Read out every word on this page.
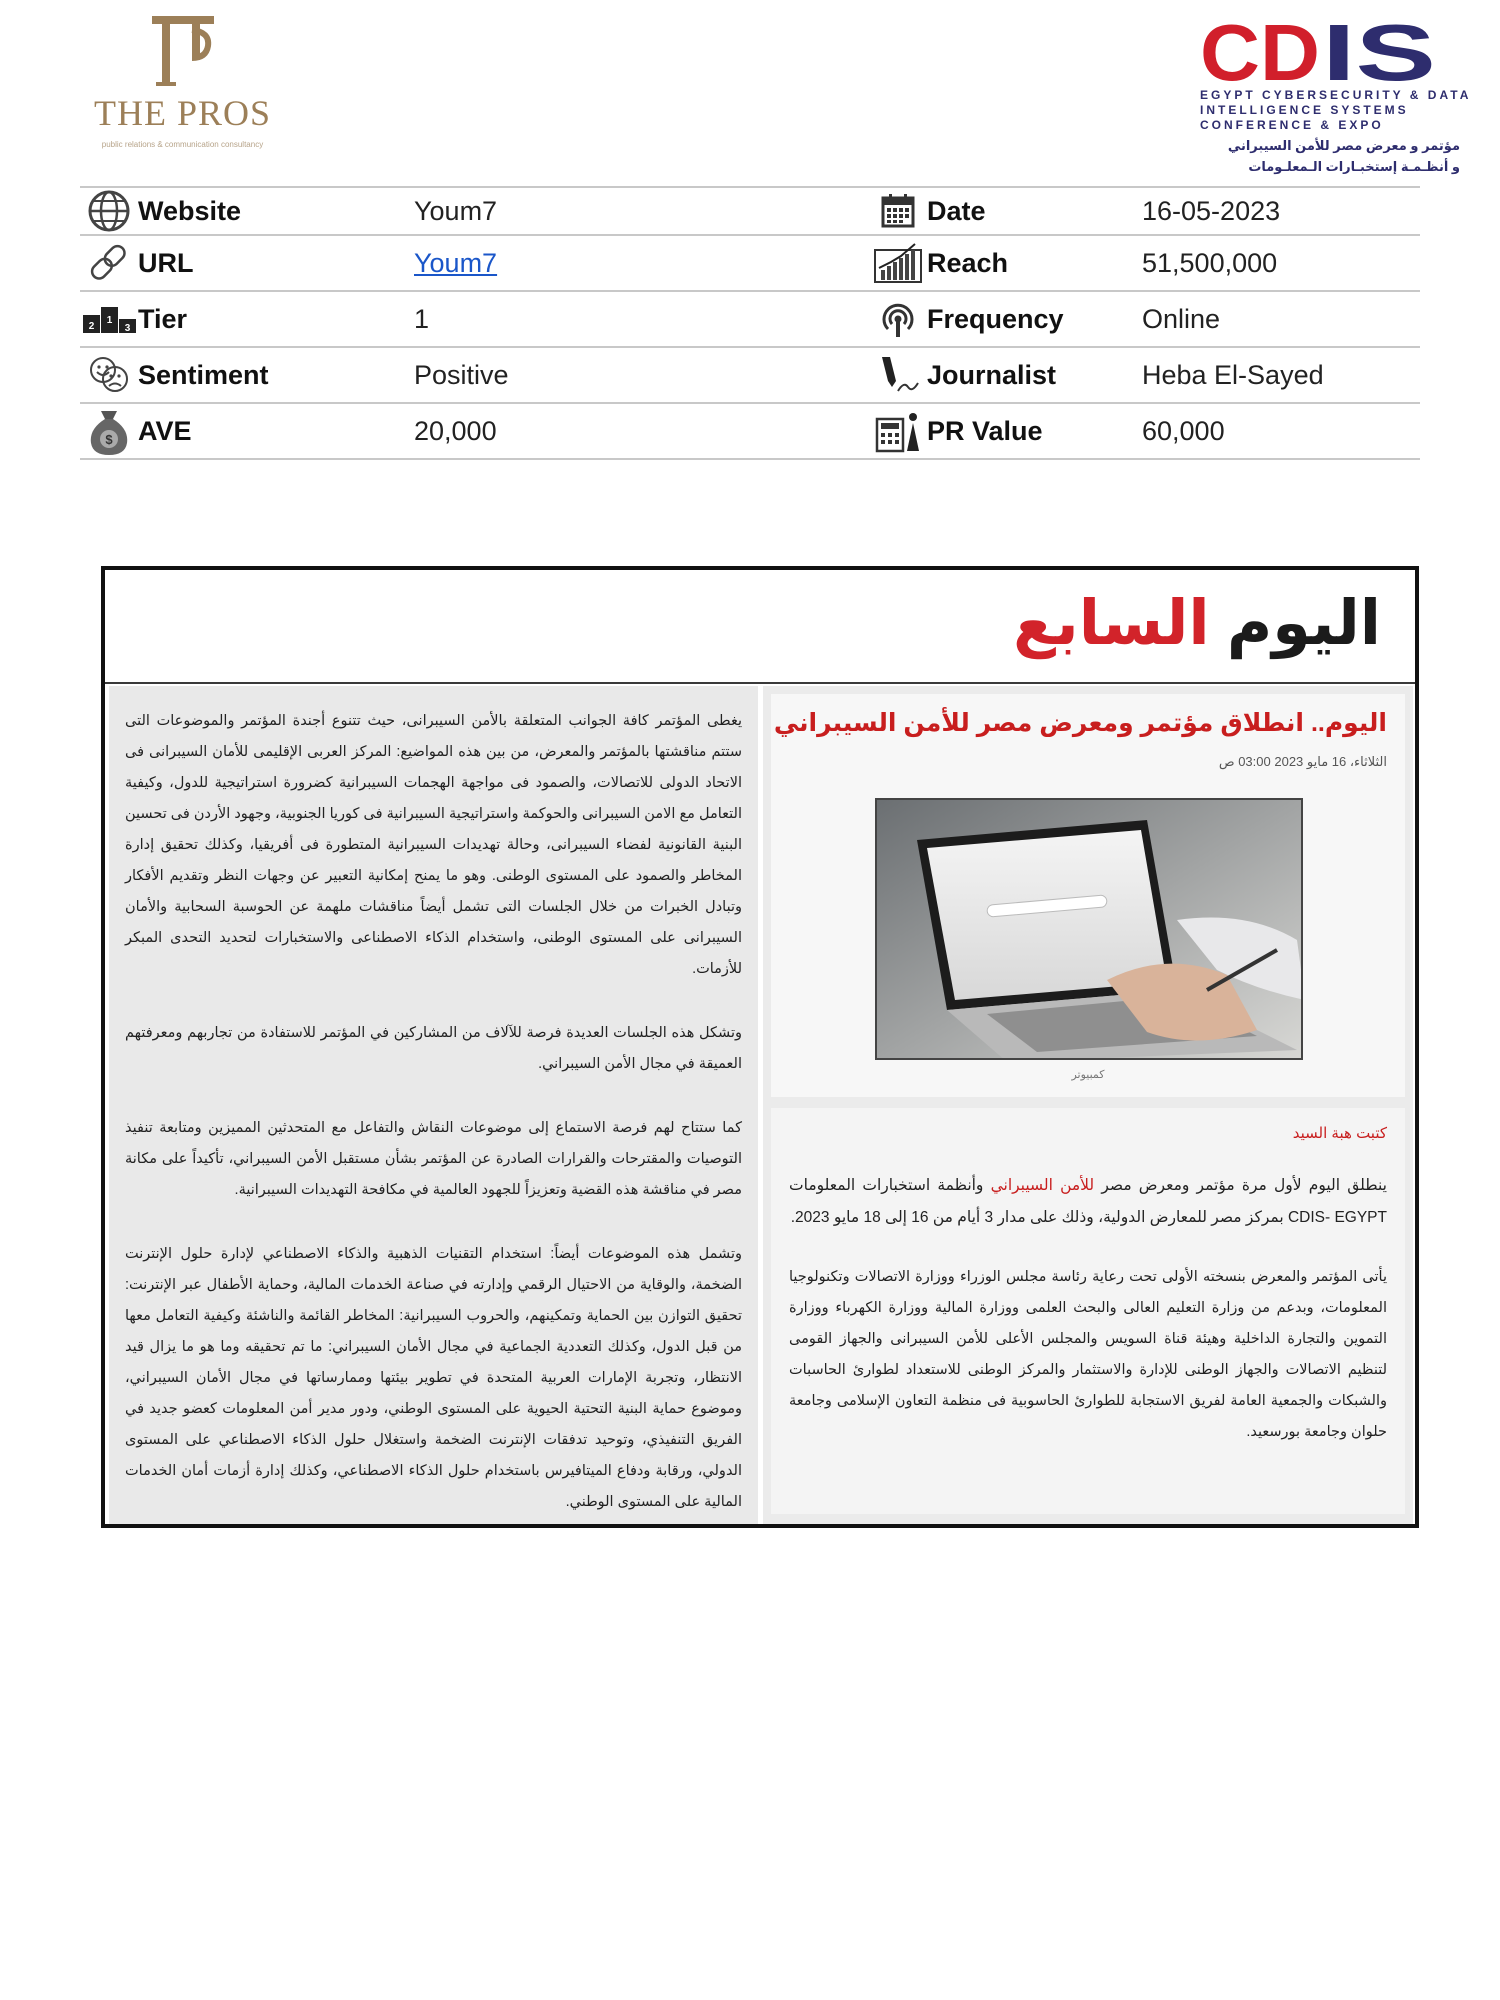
THE PROS
public relations & communication consultancy
CD IS
EGYPT CYBERSECURITY & DATA
INTELLIGENCE SYSTEMS
CONFERENCE & EXPO
مؤتمر و معرض مصر للأمن السيبراني
و أنظـمـة إستخبـارات الـمعلـومات
	Website	Youm7		Date	16-05-2023
	URL	Youm7		Reach	51,500,000

2
1
3	Tier	1		Frequency	Online
	Sentiment	Positive		Journalist	Heba El-Sayed

$	AVE	20,000		PR Value	60,000
اليوم السابع

يغطى المؤتمر كافة الجوانب المتعلقة بالأمن السيبرانى، حيث تتنوع أجندة المؤتمر والموضوعات التى ستتم مناقشتها بالمؤتمر والمعرض، من بين هذه المواضيع: المركز العربى الإقليمى للأمان السيبرانى فى الاتحاد الدولى للاتصالات، والصمود فى مواجهة الهجمات السيبرانية كضرورة استراتيجية للدول، وكيفية التعامل مع الامن السيبرانى والحوكمة واستراتيجية السيبرانية فى كوريا الجنوبية، وجهود الأردن فى تحسين البنية القانونية لفضاء السيبرانى، وحالة تهديدات السيبرانية المتطورة فى أفريقيا، وكذلك تحقيق إدارة المخاطر والصمود على المستوى الوطنى. وهو ما يمنح إمكانية التعبير عن وجهات النظر وتقديم الأفكار وتبادل الخبرات من خلال الجلسات التى تشمل أيضاً مناقشات ملهمة عن الحوسبة السحابية والأمان السيبرانى على المستوى الوطنى، واستخدام الذكاء الاصطناعى والاستخبارات لتحديد التحدى المبكر للأزمات.

وتشكل هذه الجلسات العديدة فرصة للآلاف من المشاركين في المؤتمر للاستفادة من تجاربهم ومعرفتهم العميقة في مجال الأمن السيبراني.

كما ستتاح لهم فرصة الاستماع إلى موضوعات النقاش والتفاعل مع المتحدثين المميزين ومتابعة تنفيذ التوصيات والمقترحات والقرارات الصادرة عن المؤتمر بشأن مستقبل الأمن السيبراني، تأكيداً على مكانة مصر في مناقشة هذه القضية وتعزيزاً للجهود العالمية في مكافحة التهديدات السيبرانية.

وتشمل هذه الموضوعات أيضاً: استخدام التقنيات الذهبية والذكاء الاصطناعي لإدارة حلول الإنترنت الضخمة، والوقاية من الاحتيال الرقمي وإدارته في صناعة الخدمات المالية، وحماية الأطفال عبر الإنترنت: تحقيق التوازن بين الحماية وتمكينهم، والحروب السيبرانية: المخاطر القائمة والناشئة وكيفية التعامل معها من قبل الدول، وكذلك التعددية الجماعية في مجال الأمان السيبراني: ما تم تحقيقه وما هو ما يزال قيد الانتظار، وتجربة الإمارات العربية المتحدة في تطوير بيئتها وممارساتها في مجال الأمان السيبراني، وموضوع حماية البنية التحتية الحيوية على المستوى الوطني، ودور مدير أمن المعلومات كعضو جديد في الفريق التنفيذي، وتوحيد تدفقات الإنترنت الضخمة واستغلال حلول الذكاء الاصطناعي على المستوى الدولي، ورقابة ودفاع الميتافيرس باستخدام حلول الذكاء الاصطناعي، وكذلك إدارة أزمات أمان الخدمات المالية على المستوى الوطني.

اليوم.. انطلاق مؤتمر ومعرض مصر للأمن السيبراني
الثلاثاء، 16 مايو 2023 03:00 ص
كمبيوتر
كتبت هبة السيد
ينطلق اليوم لأول مرة مؤتمر ومعرض مصر للأمن السيبراني وأنظمة استخبارات المعلومات CDIS- EGYPT بمركز مصر للمعارض الدولية، وذلك على مدار 3 أيام من 16 إلى 18 مايو 2023.
يأتى المؤتمر والمعرض بنسخته الأولى تحت رعاية رئاسة مجلس الوزراء ووزارة الاتصالات وتكنولوجيا المعلومات، وبدعم من وزارة التعليم العالى والبحث العلمى ووزارة المالية ووزارة الكهرباء ووزارة التموين والتجارة الداخلية وهيئة قناة السويس والمجلس الأعلى للأمن السيبرانى والجهاز القومى لتنظيم الاتصالات والجهاز الوطنى للإدارة والاستثمار والمركز الوطنى للاستعداد لطوارئ الحاسبات والشبكات والجمعية العامة لفريق الاستجابة للطوارئ الحاسوبية فى منظمة التعاون الإسلامى وجامعة حلوان وجامعة بورسعيد.
